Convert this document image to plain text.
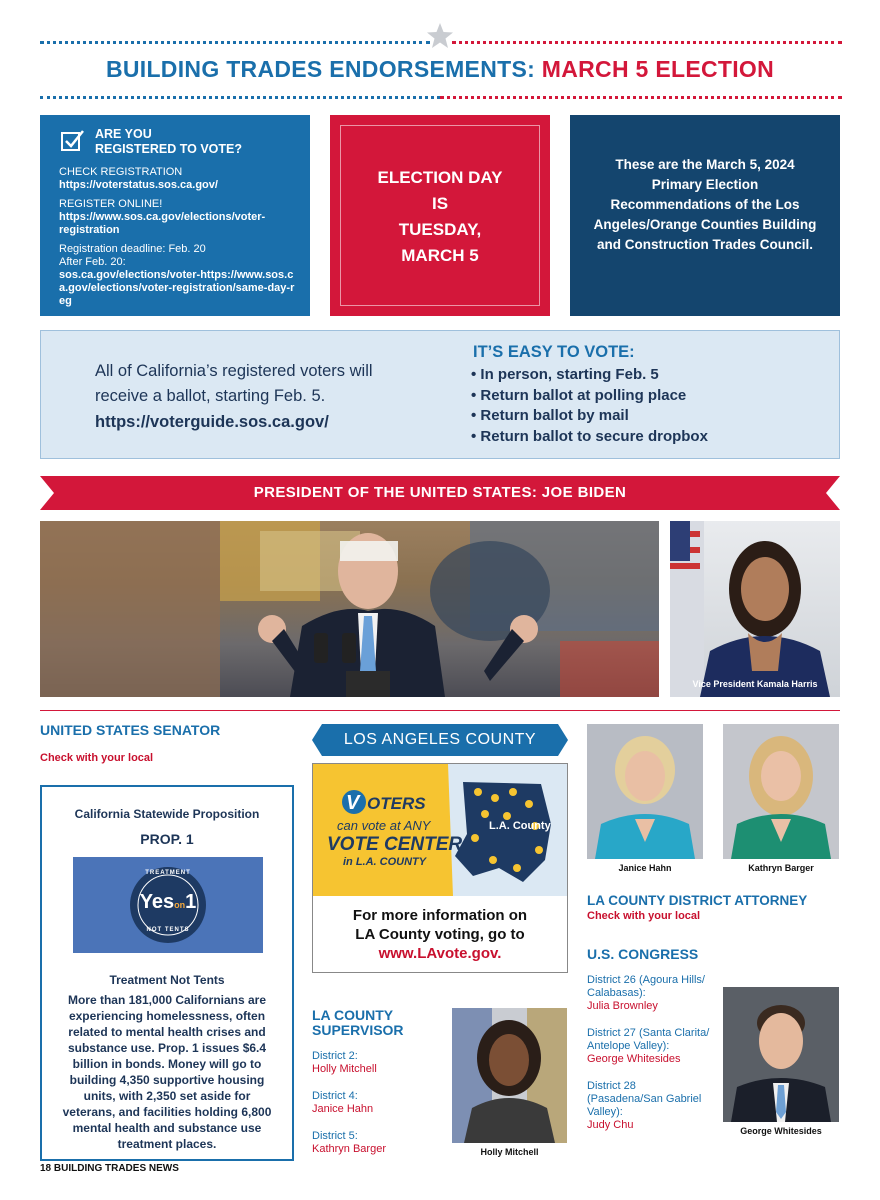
BUILDING TRADES ENDORSEMENTS: MARCH 5 ELECTION
ARE YOU
REGISTERED TO VOTE?
CHECK REGISTRATION
https://voterstatus.sos.ca.gov/
REGISTER ONLINE!
https://www.sos.ca.gov/elections/voter-registration
Registration deadline: Feb. 20
After Feb. 20:
sos.ca.gov/elections/voter-https://www.sos.ca.gov/elections/voter-registration/same-day-reg
ELECTION DAY
IS
TUESDAY,
MARCH 5
These are the March 5, 2024 Primary Election Recommendations of the Los Angeles/Orange Counties Building and Construction Trades Council.
All of California’s registered voters will receive a ballot, starting Feb. 5.
https://voterguide.sos.ca.gov/
IT’S EASY TO VOTE:
• In person, starting Feb. 5
• Return ballot at polling place
• Return ballot by mail
• Return ballot to secure dropbox
PRESIDENT OF THE UNITED STATES: JOE BIDEN
Vice President Kamala Harris
UNITED STATES SENATOR
Check with your local
California Statewide Proposition
PROP. 1
TREATMENT
Yeson1
NOT TENTS
Treatment Not Tents
More than 181,000 Californians are experiencing homelessness, often related to mental health crises and substance use. Prop. 1 issues $6.4 billion in bonds. Money will go to building 4,350 supportive housing units, with 2,350 set aside for veterans, and facilities holding 6,800 mental health and substance use treatment places.
18 BUILDING TRADES NEWS
LOS ANGELES COUNTY
V OTERS
can vote at ANY
VOTE CENTER
in L.A. COUNTY
L.A. County
For more information on
LA County voting, go to
www.LAvote.gov.
LA COUNTY
SUPERVISOR
District 2:
Holly Mitchell
District 4:
Janice Hahn
District 5:
Kathryn Barger	Holly Mitchell
Janice Hahn	Kathryn Barger
LA COUNTY DISTRICT ATTORNEY
Check with your local
U.S. CONGRESS
District 26 (Agoura Hills/ Calabasas):
Julia Brownley
District 27 (Santa Clarita/ Antelope Valley):
George Whitesides
District 28 (Pasadena/San Gabriel Valley):
Judy Chu	George Whitesides
